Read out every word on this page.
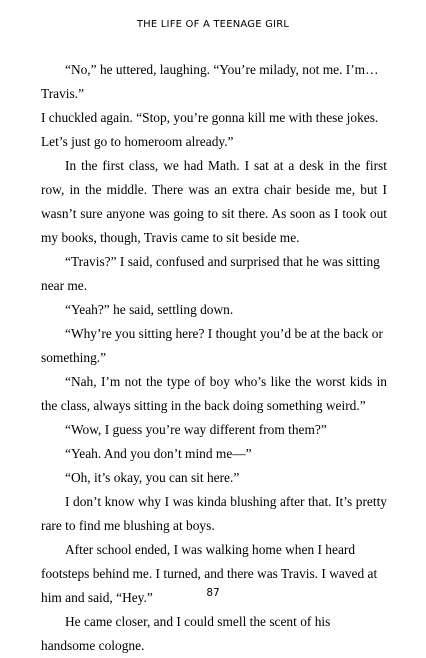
THE LIFE OF A TEENAGE GIRL

“No,” he uttered, laughing. “You’re milady, not me. I’m… Travis.”

I chuckled again. “Stop, you’re gonna kill me with these jokes. Let’s just go to homeroom already.”

In the first class, we had Math. I sat at a desk in the first row, in the middle. There was an extra chair beside me, but I wasn’t sure anyone was going to sit there. As soon as I took out my books, though, Travis came to sit beside me.

“Travis?” I said, confused and surprised that he was sitting near me.

“Yeah?” he said, settling down.

“Why’re you sitting here? I thought you’d be at the back or something.”

“Nah, I’m not the type of boy who’s like the worst kids in the class, always sitting in the back doing something weird.”

“Wow, I guess you’re way different from them?”

“Yeah. And you don’t mind me—”

“Oh, it’s okay, you can sit here.”

I don’t know why I was kinda blushing after that. It’s pretty rare to find me blushing at boys.

After school ended, I was walking home when I heard footsteps behind me. I turned, and there was Travis. I waved at him and said, “Hey.”

He came closer, and I could smell the scent of his handsome cologne.

87
